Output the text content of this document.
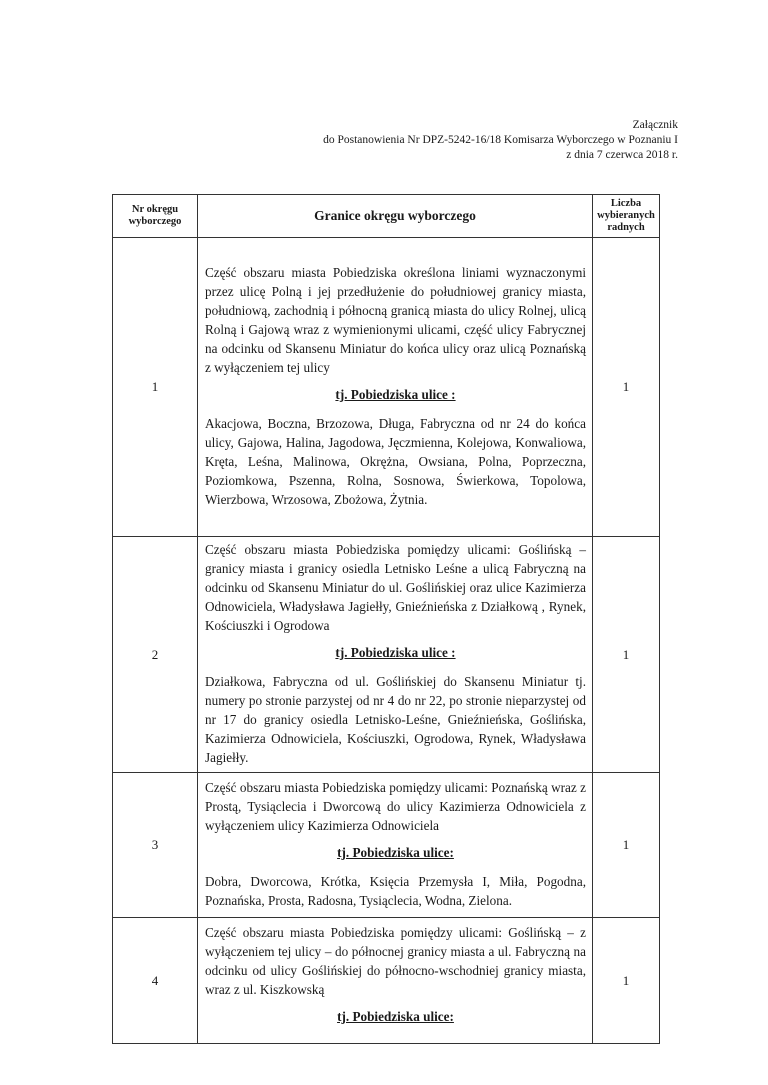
Załącznik
do Postanowienia Nr DPZ-5242-16/18 Komisarza Wyborczego w Poznaniu I
z dnia 7 czerwca 2018 r.
Nr okręgu wyborczego	Granice okręgu wyborczego	Liczba wybieranych radnych
1	Część obszaru miasta Pobiedziska określona liniami wyznaczonymi przez ulicę Polną i jej przedłużenie do południowej granicy miasta, południową, zachodnią i północną granicą miasta do ulicy Rolnej, ulicą Rolną i Gajową wraz z wymienionymi ulicami, część ulicy Fabrycznej na odcinku od Skansenu Miniatur do końca ulicy oraz ulicą Poznańską z wyłączeniem tej ulicy

tj. Pobiedziska ulice :

Akacjowa, Boczna, Brzozowa, Długa, Fabryczna od nr 24 do końca ulicy, Gajowa, Halina, Jagodowa, Jęczmienna, Kolejowa, Konwaliowa, Kręta, Leśna, Malinowa, Okrężna, Owsiana, Polna, Poprzeczna, Poziomkowa, Pszenna, Rolna, Sosnowa, Świerkowa, Topolowa, Wierzbowa, Wrzosowa, Zbożowa, Żytnia.	1
2	Część obszaru miasta Pobiedziska pomiędzy ulicami: Goślińską – granicy miasta i granicy osiedla Letnisko Leśne a ulicą Fabryczną na odcinku od Skansenu Miniatur do ul. Goślińskiej oraz ulice Kazimierza Odnowiciela, Władysława Jagiełły, Gnieźnieńska z Działkową , Rynek, Kościuszki i Ogrodowa

tj. Pobiedziska ulice :

Działkowa, Fabryczna od ul. Goślińskiej do Skansenu Miniatur tj. numery po stronie parzystej od nr 4 do nr 22, po stronie nieparzystej od nr 17 do granicy osiedla Letnisko-Leśne, Gnieźnieńska, Goślińska, Kazimierza Odnowiciela, Kościuszki, Ogrodowa, Rynek, Władysława Jagiełły.	1
3	Część obszaru miasta Pobiedziska pomiędzy ulicami: Poznańską wraz z Prostą, Tysiąclecia i Dworcową do ulicy Kazimierza Odnowiciela z wyłączeniem ulicy Kazimierza Odnowiciela

tj. Pobiedziska ulice:

Dobra, Dworcowa, Krótka, Księcia Przemysła I, Miła, Pogodna, Poznańska, Prosta, Radosna, Tysiąclecia, Wodna, Zielona.	1
4	Część obszaru miasta Pobiedziska pomiędzy ulicami: Goślińską – z wyłączeniem tej ulicy – do północnej granicy miasta a ul. Fabryczną na odcinku od ulicy Goślińskiej do północno-wschodniej granicy miasta, wraz z ul. Kiszkowską

tj. Pobiedziska ulice:	1
